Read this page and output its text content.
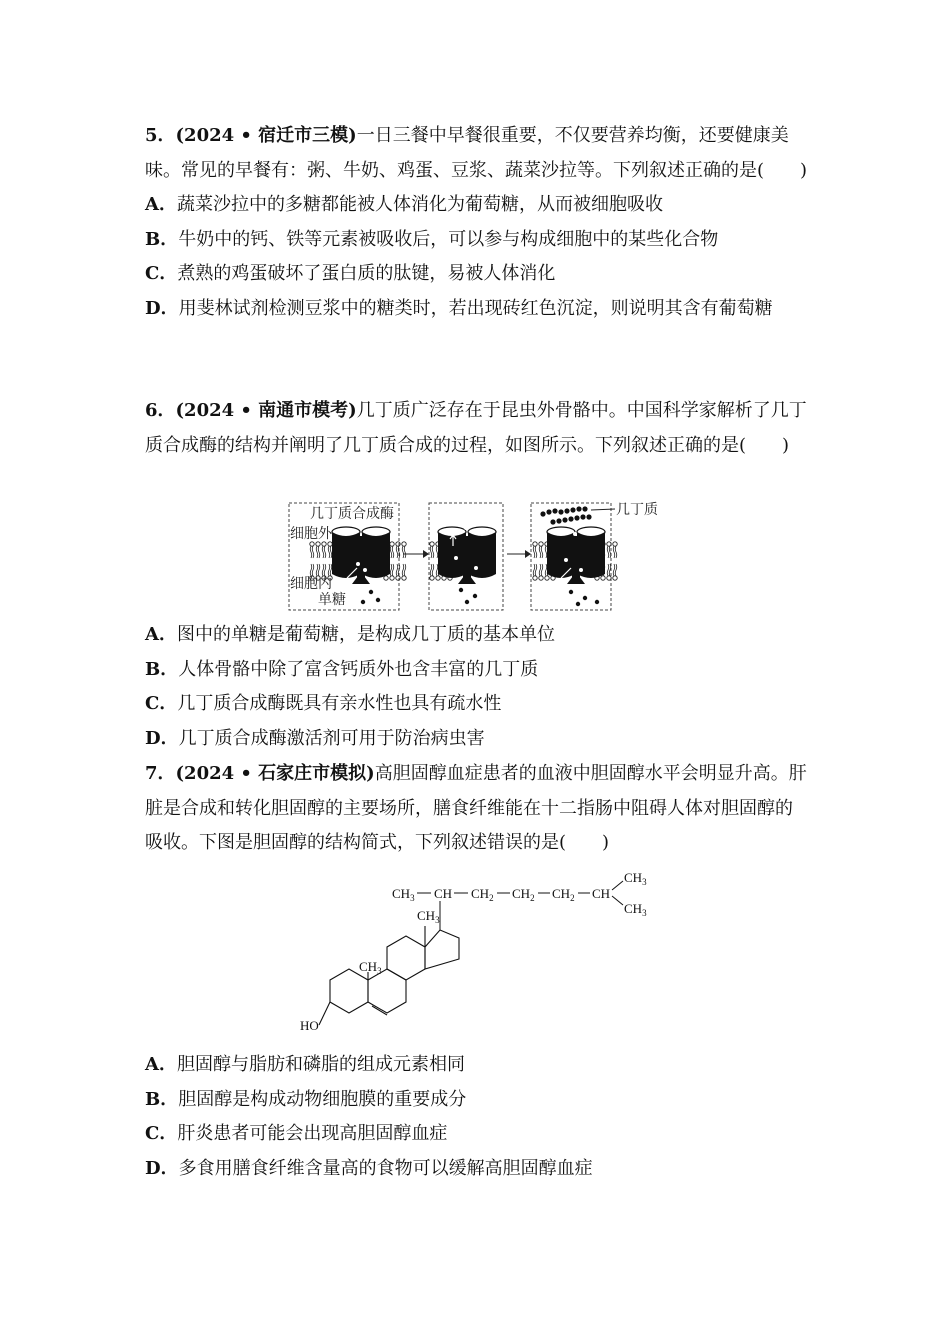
5．(2024 • 宿迁市三模)一日三餐中早餐很重要，不仅要营养均衡，还要健康美味。常见的早餐有：粥、牛奶、鸡蛋、豆浆、蔬菜沙拉等。下列叙述正确的是(　　)

A．蔬菜沙拉中的多糖都能被人体消化为葡萄糖，从而被细胞吸收

B．牛奶中的钙、铁等元素被吸收后，可以参与构成细胞中的某些化合物

C．煮熟的鸡蛋破坏了蛋白质的肽键，易被人体消化

D．用斐林试剂检测豆浆中的糖类时，若出现砖红色沉淀，则说明其含有葡萄糖

6．(2024 • 南通市模考)几丁质广泛存在于昆虫外骨骼中。中国科学家解析了几丁质合成酶的结构并阐明了几丁质合成的过程，如图所示。下列叙述正确的是(　　)

几丁质合成酶
细胞外
细胞内
单糖
几丁质

A．图中的单糖是葡萄糖，是构成几丁质的基本单位

B．人体骨骼中除了富含钙质外也含丰富的几丁质

C．几丁质合成酶既具有亲水性也具有疏水性

D．几丁质合成酶激活剂可用于防治病虫害

7．(2024 • 石家庄市模拟)高胆固醇血症患者的血液中胆固醇水平会明显升高。肝脏是合成和转化胆固醇的主要场所，膳食纤维能在十二指肠中阻碍人体对胆固醇的吸收。下图是胆固醇的结构简式，下列叙述错误的是(　　)

$CH_3$ CH $CH_2$ $CH_2$ $CH_2$ CH
$CH_3$
$CH_3$
$CH_3$
$CH_3$
HO

A．胆固醇与脂肪和磷脂的组成元素相同

B．胆固醇是构成动物细胞膜的重要成分

C．肝炎患者可能会出现高胆固醇血症

D．多食用膳食纤维含量高的食物可以缓解高胆固醇血症
